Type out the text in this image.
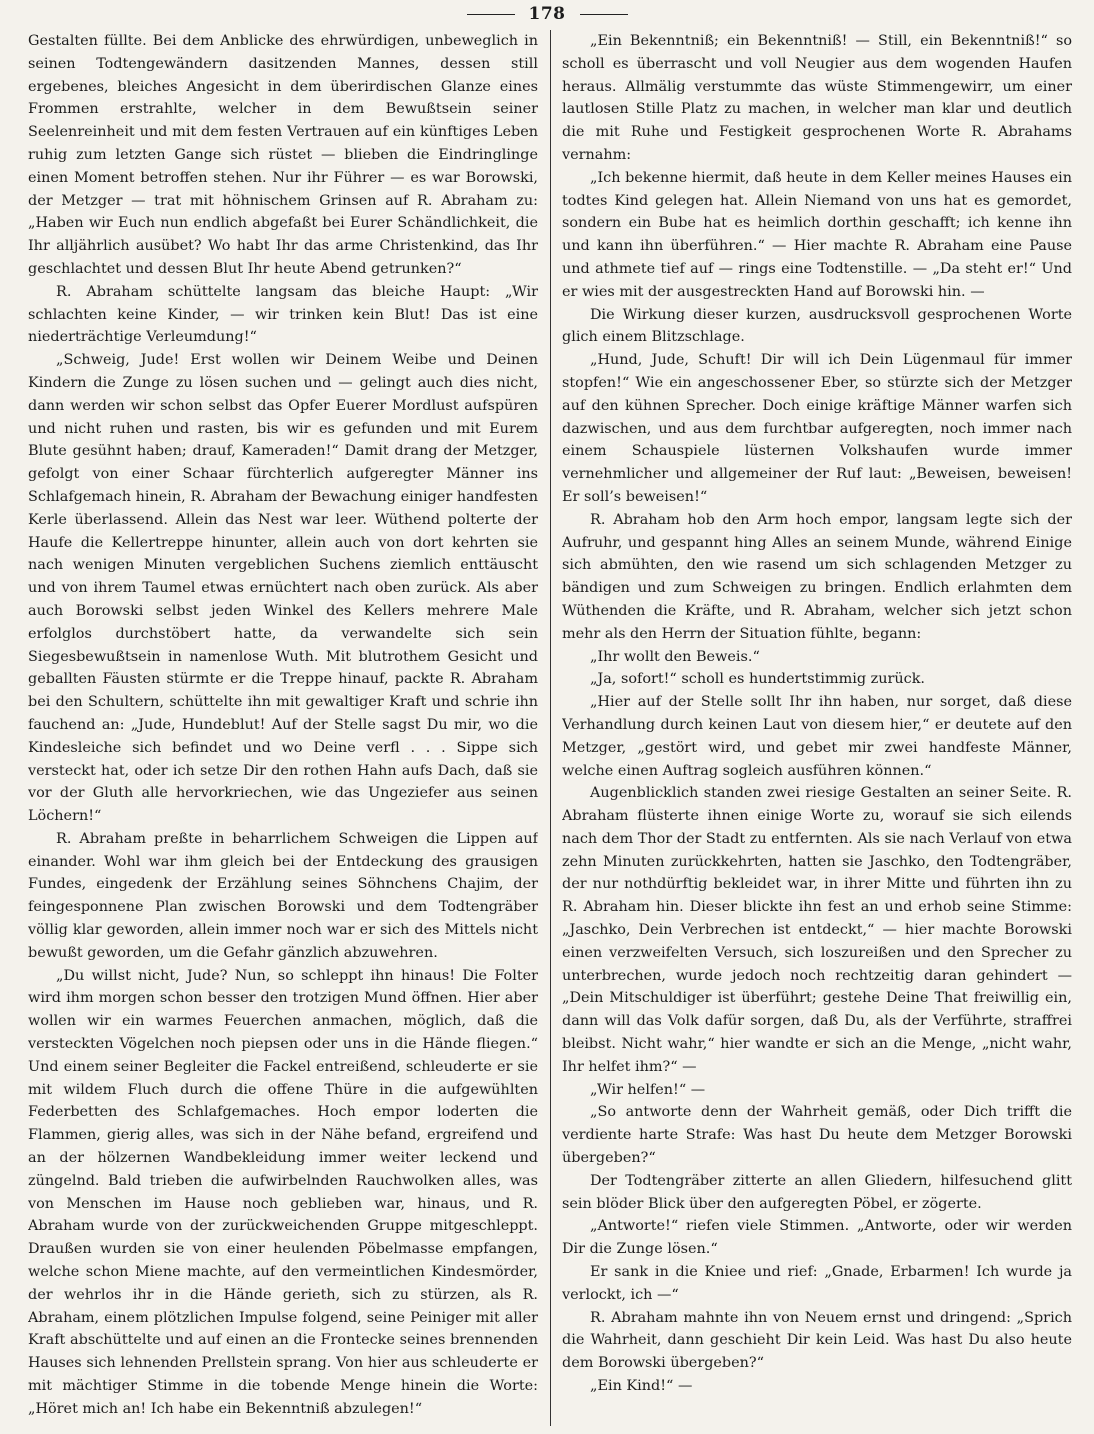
178

Gestalten füllte. Bei dem Anblicke des ehrwürdigen, unbeweglich in seinen Todtengewändern dasitzenden Mannes, dessen still ergebenes, bleiches Angesicht in dem überirdischen Glanze eines Frommen erstrahlte, welcher in dem Bewußtsein seiner Seelenreinheit und mit dem festen Vertrauen auf ein künftiges Leben ruhig zum letzten Gange sich rüstet — blieben die Eindringlinge einen Moment betroffen stehen. Nur ihr Führer — es war Borowski, der Metzger — trat mit höhnischem Grinsen auf R. Abraham zu: „Haben wir Euch nun endlich abgefaßt bei Eurer Schändlichkeit, die Ihr alljährlich ausübet? Wo habt Ihr das arme Christenkind, das Ihr geschlachtet und dessen Blut Ihr heute Abend getrunken?“

R. Abraham schüttelte langsam das bleiche Haupt: „Wir schlachten keine Kinder, — wir trinken kein Blut! Das ist eine niederträchtige Verleumdung!“

„Schweig, Jude! Erst wollen wir Deinem Weibe und Deinen Kindern die Zunge zu lösen suchen und — gelingt auch dies nicht, dann werden wir schon selbst das Opfer Euerer Mordlust aufspüren und nicht ruhen und rasten, bis wir es gefunden und mit Eurem Blute gesühnt haben; drauf, Kameraden!“ Damit drang der Metzger, gefolgt von einer Schaar fürchterlich aufgeregter Männer ins Schlafgemach hinein, R. Abraham der Bewachung einiger handfesten Kerle überlassend. Allein das Nest war leer. Wüthend polterte der Haufe die Kellertreppe hinunter, allein auch von dort kehrten sie nach wenigen Minuten vergeblichen Suchens ziemlich enttäuscht und von ihrem Taumel etwas ernüchtert nach oben zurück. Als aber auch Borowski selbst jeden Winkel des Kellers mehrere Male erfolglos durchstöbert hatte, da verwandelte sich sein Siegesbewußtsein in namenlose Wuth. Mit blutrothem Gesicht und geballten Fäusten stürmte er die Treppe hinauf, packte R. Abraham bei den Schultern, schüttelte ihn mit gewaltiger Kraft und schrie ihn fauchend an: „Jude, Hundeblut! Auf der Stelle sagst Du mir, wo die Kindesleiche sich befindet und wo Deine verfl . . . Sippe sich versteckt hat, oder ich setze Dir den rothen Hahn aufs Dach, daß sie vor der Gluth alle hervorkriechen, wie das Ungeziefer aus seinen Löchern!“

R. Abraham preßte in beharrlichem Schweigen die Lippen auf einander. Wohl war ihm gleich bei der Entdeckung des grausigen Fundes, eingedenk der Erzählung seines Söhnchens Chajim, der feingesponnene Plan zwischen Borowski und dem Todtengräber völlig klar geworden, allein immer noch war er sich des Mittels nicht bewußt geworden, um die Gefahr gänzlich abzuwehren.

„Du willst nicht, Jude? Nun, so schleppt ihn hinaus! Die Folter wird ihm morgen schon besser den trotzigen Mund öffnen. Hier aber wollen wir ein warmes Feuerchen anmachen, möglich, daß die versteckten Vögelchen noch piepsen oder uns in die Hände fliegen.“ Und einem seiner Begleiter die Fackel entreißend, schleuderte er sie mit wildem Fluch durch die offene Thüre in die aufgewühlten Federbetten des Schlafgemaches. Hoch empor loderten die Flammen, gierig alles, was sich in der Nähe befand, ergreifend und an der hölzernen Wandbekleidung immer weiter leckend und züngelnd. Bald trieben die aufwirbelnden Rauchwolken alles, was von Menschen im Hause noch geblieben war, hinaus, und R. Abraham wurde von der zurückweichenden Gruppe mitgeschleppt. Draußen wurden sie von einer heulenden Pöbelmasse empfangen, welche schon Miene machte, auf den vermeintlichen Kindesmörder, der wehrlos ihr in die Hände gerieth, sich zu stürzen, als R. Abraham, einem plötzlichen Impulse folgend, seine Peiniger mit aller Kraft abschüttelte und auf einen an die Frontecke seines brennenden Hauses sich lehnenden Prellstein sprang. Von hier aus schleuderte er mit mächtiger Stimme in die tobende Menge hinein die Worte: „Höret mich an! Ich habe ein Bekenntniß abzulegen!“

„Ein Bekenntniß; ein Bekenntniß! — Still, ein Bekenntniß!“ so scholl es überrascht und voll Neugier aus dem wogenden Haufen heraus. Allmälig verstummte das wüste Stimmengewirr, um einer lautlosen Stille Platz zu machen, in welcher man klar und deutlich die mit Ruhe und Festigkeit gesprochenen Worte R. Abrahams vernahm:

„Ich bekenne hiermit, daß heute in dem Keller meines Hauses ein todtes Kind gelegen hat. Allein Niemand von uns hat es gemordet, sondern ein Bube hat es heimlich dorthin geschafft; ich kenne ihn und kann ihn überführen.“ — Hier machte R. Abraham eine Pause und athmete tief auf — rings eine Todtenstille. — „Da steht er!“ Und er wies mit der ausgestreckten Hand auf Borowski hin. —

Die Wirkung dieser kurzen, ausdrucksvoll gesprochenen Worte glich einem Blitzschlage.

„Hund, Jude, Schuft! Dir will ich Dein Lügenmaul für immer stopfen!“ Wie ein angeschossener Eber, so stürzte sich der Metzger auf den kühnen Sprecher. Doch einige kräftige Männer warfen sich dazwischen, und aus dem furchtbar aufgeregten, noch immer nach einem Schauspiele lüsternen Volkshaufen wurde immer vernehmlicher und allgemeiner der Ruf laut: „Beweisen, beweisen! Er soll’s beweisen!“

R. Abraham hob den Arm hoch empor, langsam legte sich der Aufruhr, und gespannt hing Alles an seinem Munde, während Einige sich abmühten, den wie rasend um sich schlagenden Metzger zu bändigen und zum Schweigen zu bringen. Endlich erlahmten dem Wüthenden die Kräfte, und R. Abraham, welcher sich jetzt schon mehr als den Herrn der Situation fühlte, begann:

„Ihr wollt den Beweis.“

„Ja, sofort!“ scholl es hundertstimmig zurück.

„Hier auf der Stelle sollt Ihr ihn haben, nur sorget, daß diese Verhandlung durch keinen Laut von diesem hier,“ er deutete auf den Metzger, „gestört wird, und gebet mir zwei handfeste Männer, welche einen Auftrag sogleich ausführen können.“

Augenblicklich standen zwei riesige Gestalten an seiner Seite. R. Abraham flüsterte ihnen einige Worte zu, worauf sie sich eilends nach dem Thor der Stadt zu entfernten. Als sie nach Verlauf von etwa zehn Minuten zurückkehrten, hatten sie Jaschko, den Todtengräber, der nur nothdürftig bekleidet war, in ihrer Mitte und führten ihn zu R. Abraham hin. Dieser blickte ihn fest an und erhob seine Stimme: „Jaschko, Dein Verbrechen ist entdeckt,“ — hier machte Borowski einen verzweifelten Versuch, sich loszureißen und den Sprecher zu unterbrechen, wurde jedoch noch rechtzeitig daran gehindert — „Dein Mitschuldiger ist überführt; gestehe Deine That freiwillig ein, dann will das Volk dafür sorgen, daß Du, als der Verführte, straffrei bleibst. Nicht wahr,“ hier wandte er sich an die Menge, „nicht wahr, Ihr helfet ihm?“ —

„Wir helfen!“ —

„So antworte denn der Wahrheit gemäß, oder Dich trifft die verdiente harte Strafe: Was hast Du heute dem Metzger Borowski übergeben?“

Der Todtengräber zitterte an allen Gliedern, hilfesuchend glitt sein blöder Blick über den aufgeregten Pöbel, er zögerte.

„Antworte!“ riefen viele Stimmen. „Antworte, oder wir werden Dir die Zunge lösen.“

Er sank in die Kniee und rief: „Gnade, Erbarmen! Ich wurde ja verlockt, ich —“

R. Abraham mahnte ihn von Neuem ernst und dringend: „Sprich die Wahrheit, dann geschieht Dir kein Leid. Was hast Du also heute dem Borowski übergeben?“

„Ein Kind!“ —
